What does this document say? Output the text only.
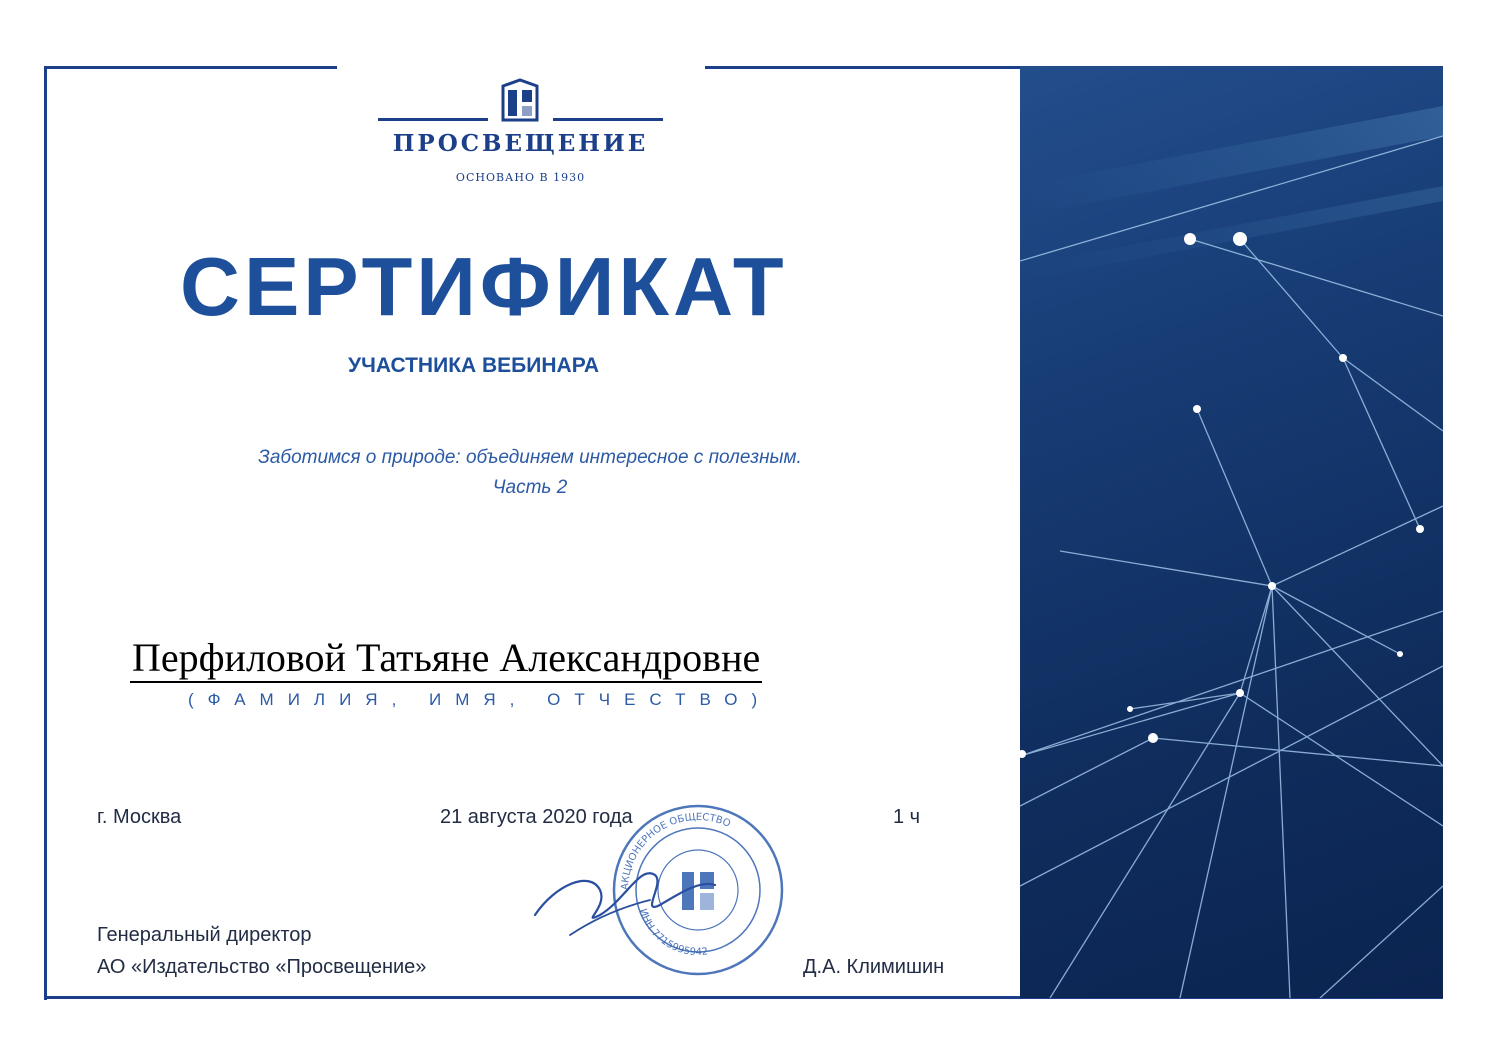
ПРОСВЕЩЕНИЕ
ОСНОВАНО В 1930
СЕРТИФИКАТ
УЧАСТНИКА ВЕБИНАРА
Заботимся о природе: объединяем интересное с полезным.
Часть 2
Перфиловой Татьяне Александровне
(ФАМИЛИЯ, ИМЯ, ОТЧЕСТВО)
г. Москва	21 августа 2020 года	1 ч
АКЦИОНЕРНОЕ ОБЩЕСТВО
ИНН 7715995942
Генеральный директор
АО «Издательство «Просвещение»	Д.А. Климишин
